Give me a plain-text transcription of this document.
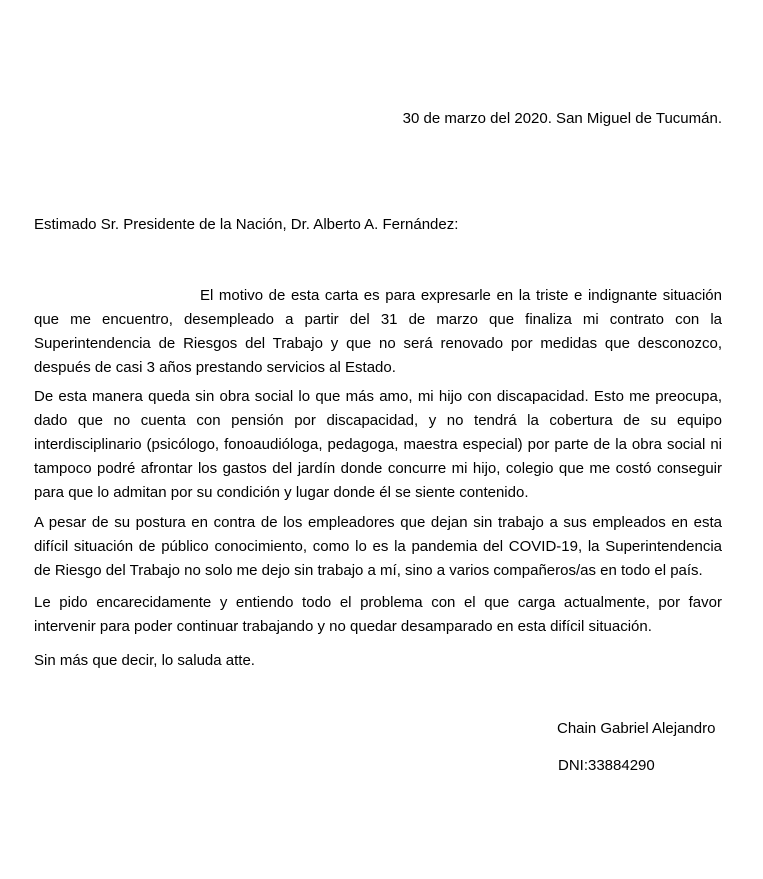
30 de marzo del 2020. San Miguel de Tucumán.
Estimado Sr. Presidente de la Nación, Dr. Alberto A. Fernández:

El motivo de esta carta es para expresarle en la triste e indignante situación que me encuentro, desempleado a partir del 31 de marzo que finaliza mi contrato con la Superintendencia de Riesgos del Trabajo y que no será renovado por medidas que desconozco, después de casi 3 años prestando servicios al Estado.

De esta manera queda sin obra social lo que más amo, mi hijo con discapacidad. Esto me preocupa, dado que no cuenta con pensión por discapacidad, y no tendrá la cobertura de su equipo interdisciplinario (psicólogo, fonoaudióloga, pedagoga, maestra especial) por parte de la obra social ni tampoco podré afrontar los gastos del jardín donde concurre mi hijo, colegio que me costó conseguir para que lo admitan por su condición y lugar donde él se siente contenido.

A pesar de su postura en contra de los empleadores que dejan sin trabajo a sus empleados en esta difícil situación de público conocimiento, como lo es la pandemia del COVID-19, la Superintendencia de Riesgo del Trabajo no solo me dejo sin trabajo a mí, sino a varios compañeros/as en todo el país.

Le pido encarecidamente y entiendo todo el problema con el que carga actualmente, por favor intervenir para poder continuar trabajando y no quedar desamparado en esta difícil situación.

Sin más que decir, lo saluda atte.
Chain Gabriel Alejandro
DNI:33884290
